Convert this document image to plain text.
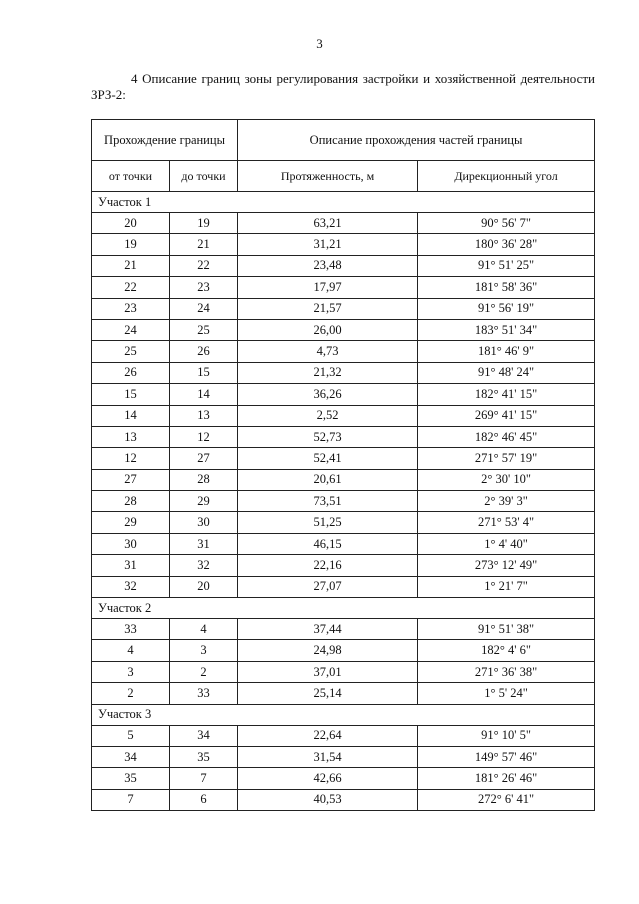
3
4 Описание границ зоны регулирования застройки и хозяйственной деятельности ЗРЗ-2:
Прохождение границы		Описание прохождения частей границы	
от точки	до точки	Протяженность, м	Дирекционный угол
Участок 1			
20	19	63,21	90° 56' 7"
19	21	31,21	180° 36' 28"
21	22	23,48	91° 51' 25"
22	23	17,97	181° 58' 36"
23	24	21,57	91° 56' 19"
24	25	26,00	183° 51' 34"
25	26	4,73	181° 46' 9"
26	15	21,32	91° 48' 24"
15	14	36,26	182° 41' 15"
14	13	2,52	269° 41' 15"
13	12	52,73	182° 46' 45"
12	27	52,41	271° 57' 19"
27	28	20,61	2° 30' 10"
28	29	73,51	2° 39' 3"
29	30	51,25	271° 53' 4"
30	31	46,15	1° 4' 40"
31	32	22,16	273° 12' 49"
32	20	27,07	1° 21' 7"
Участок 2			
33	4	37,44	91° 51' 38"
4	3	24,98	182° 4' 6"
3	2	37,01	271° 36' 38"
2	33	25,14	1° 5' 24"
Участок 3			
5	34	22,64	91° 10' 5"
34	35	31,54	149° 57' 46"
35	7	42,66	181° 26' 46"
7	6	40,53	272° 6' 41"
